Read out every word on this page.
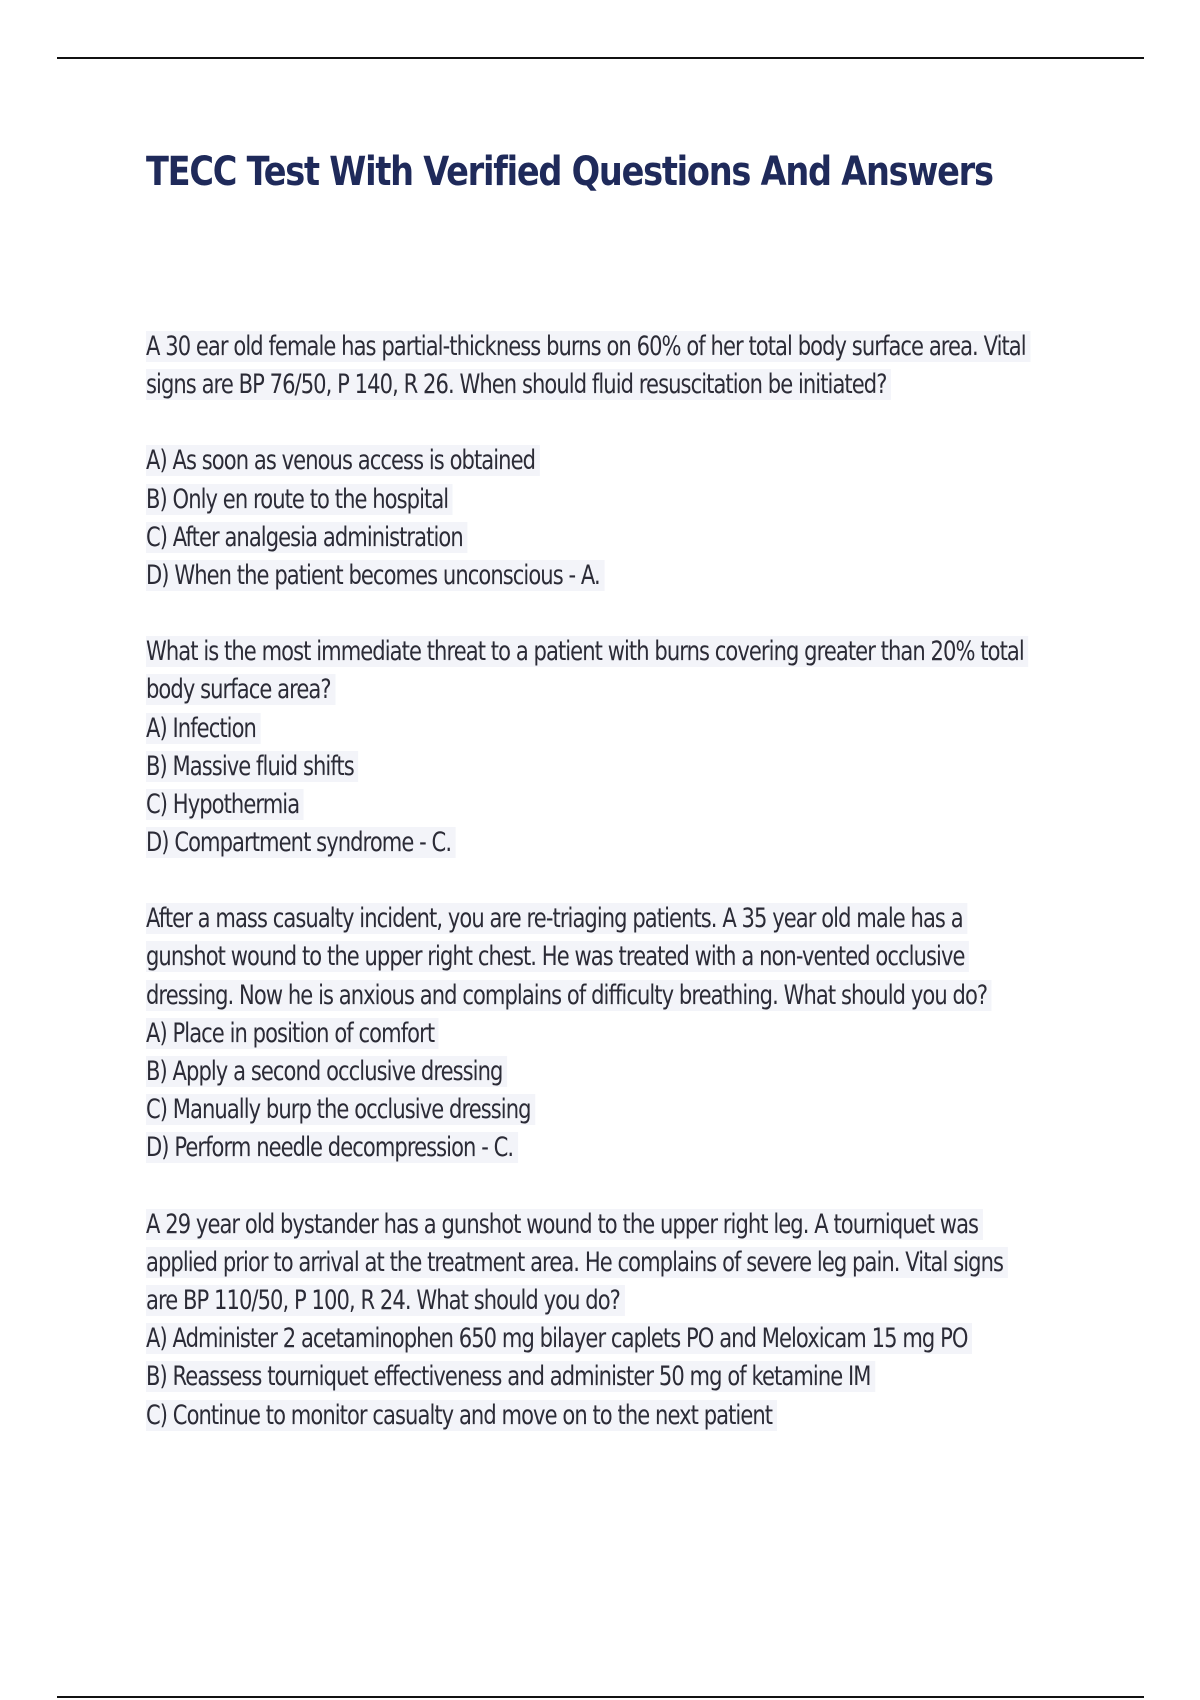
TECC Test With Verified Questions And Answers
A 30 ear old female has partial-thickness burns on 60% of her total body surface area. Vital
signs are BP 76/50, P 140, R 26. When should fluid resuscitation be initiated?
A) As soon as venous access is obtained
B) Only en route to the hospital
C) After analgesia administration
D) When the patient becomes unconscious - A.
What is the most immediate threat to a patient with burns covering greater than 20% total
body surface area?
A) Infection
B) Massive fluid shifts
C) Hypothermia
D) Compartment syndrome - C.
After a mass casualty incident, you are re-triaging patients. A 35 year old male has a
gunshot wound to the upper right chest. He was treated with a non-vented occlusive
dressing. Now he is anxious and complains of difficulty breathing. What should you do?
A) Place in position of comfort
B) Apply a second occlusive dressing
C) Manually burp the occlusive dressing
D) Perform needle decompression - C.
A 29 year old bystander has a gunshot wound to the upper right leg. A tourniquet was
applied prior to arrival at the treatment area. He complains of severe leg pain. Vital signs
are BP 110/50, P 100, R 24. What should you do?
A) Administer 2 acetaminophen 650 mg bilayer caplets PO and Meloxicam 15 mg PO
B) Reassess tourniquet effectiveness and administer 50 mg of ketamine IM
C) Continue to monitor casualty and move on to the next patient
